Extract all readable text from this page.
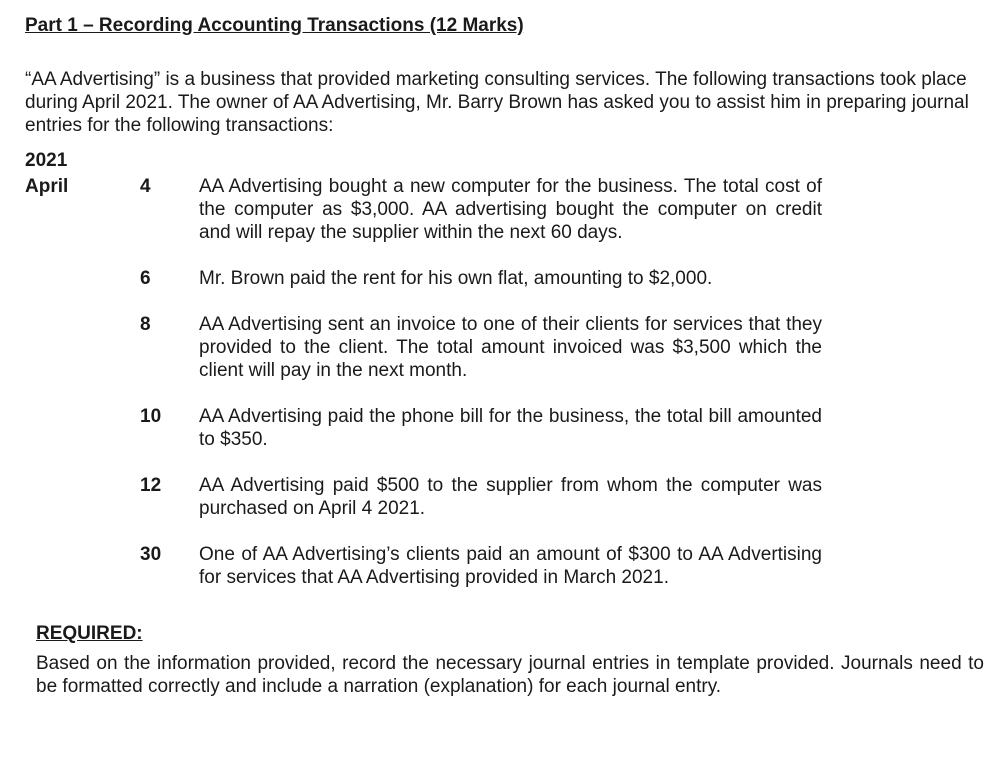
Part 1 – Recording Accounting Transactions (12 Marks)
“AA Advertising” is a business that provided marketing consulting services. The following transactions took place during April 2021. The owner of AA Advertising, Mr. Barry Brown has asked you to assist him in preparing journal entries for the following transactions:
2021
April	4	AA Advertising bought a new computer for the business. The total cost of the computer as $3,000. AA advertising bought the computer on credit and will repay the supplier within the next 60 days.
6	Mr. Brown paid the rent for his own flat, amounting to $2,000.
8	AA Advertising sent an invoice to one of their clients for services that they provided to the client. The total amount invoiced was $3,500 which the client will pay in the next month.
10	AA Advertising paid the phone bill for the business, the total bill amounted to $350.
12	AA Advertising paid $500 to the supplier from whom the computer was purchased on April 4 2021.
30	One of AA Advertising’s clients paid an amount of $300 to AA Advertising for services that AA Advertising provided in March 2021.
REQUIRED:
Based on the information provided, record the necessary journal entries in template provided. Journals need to be formatted correctly and include a narration (explanation) for each journal entry.
